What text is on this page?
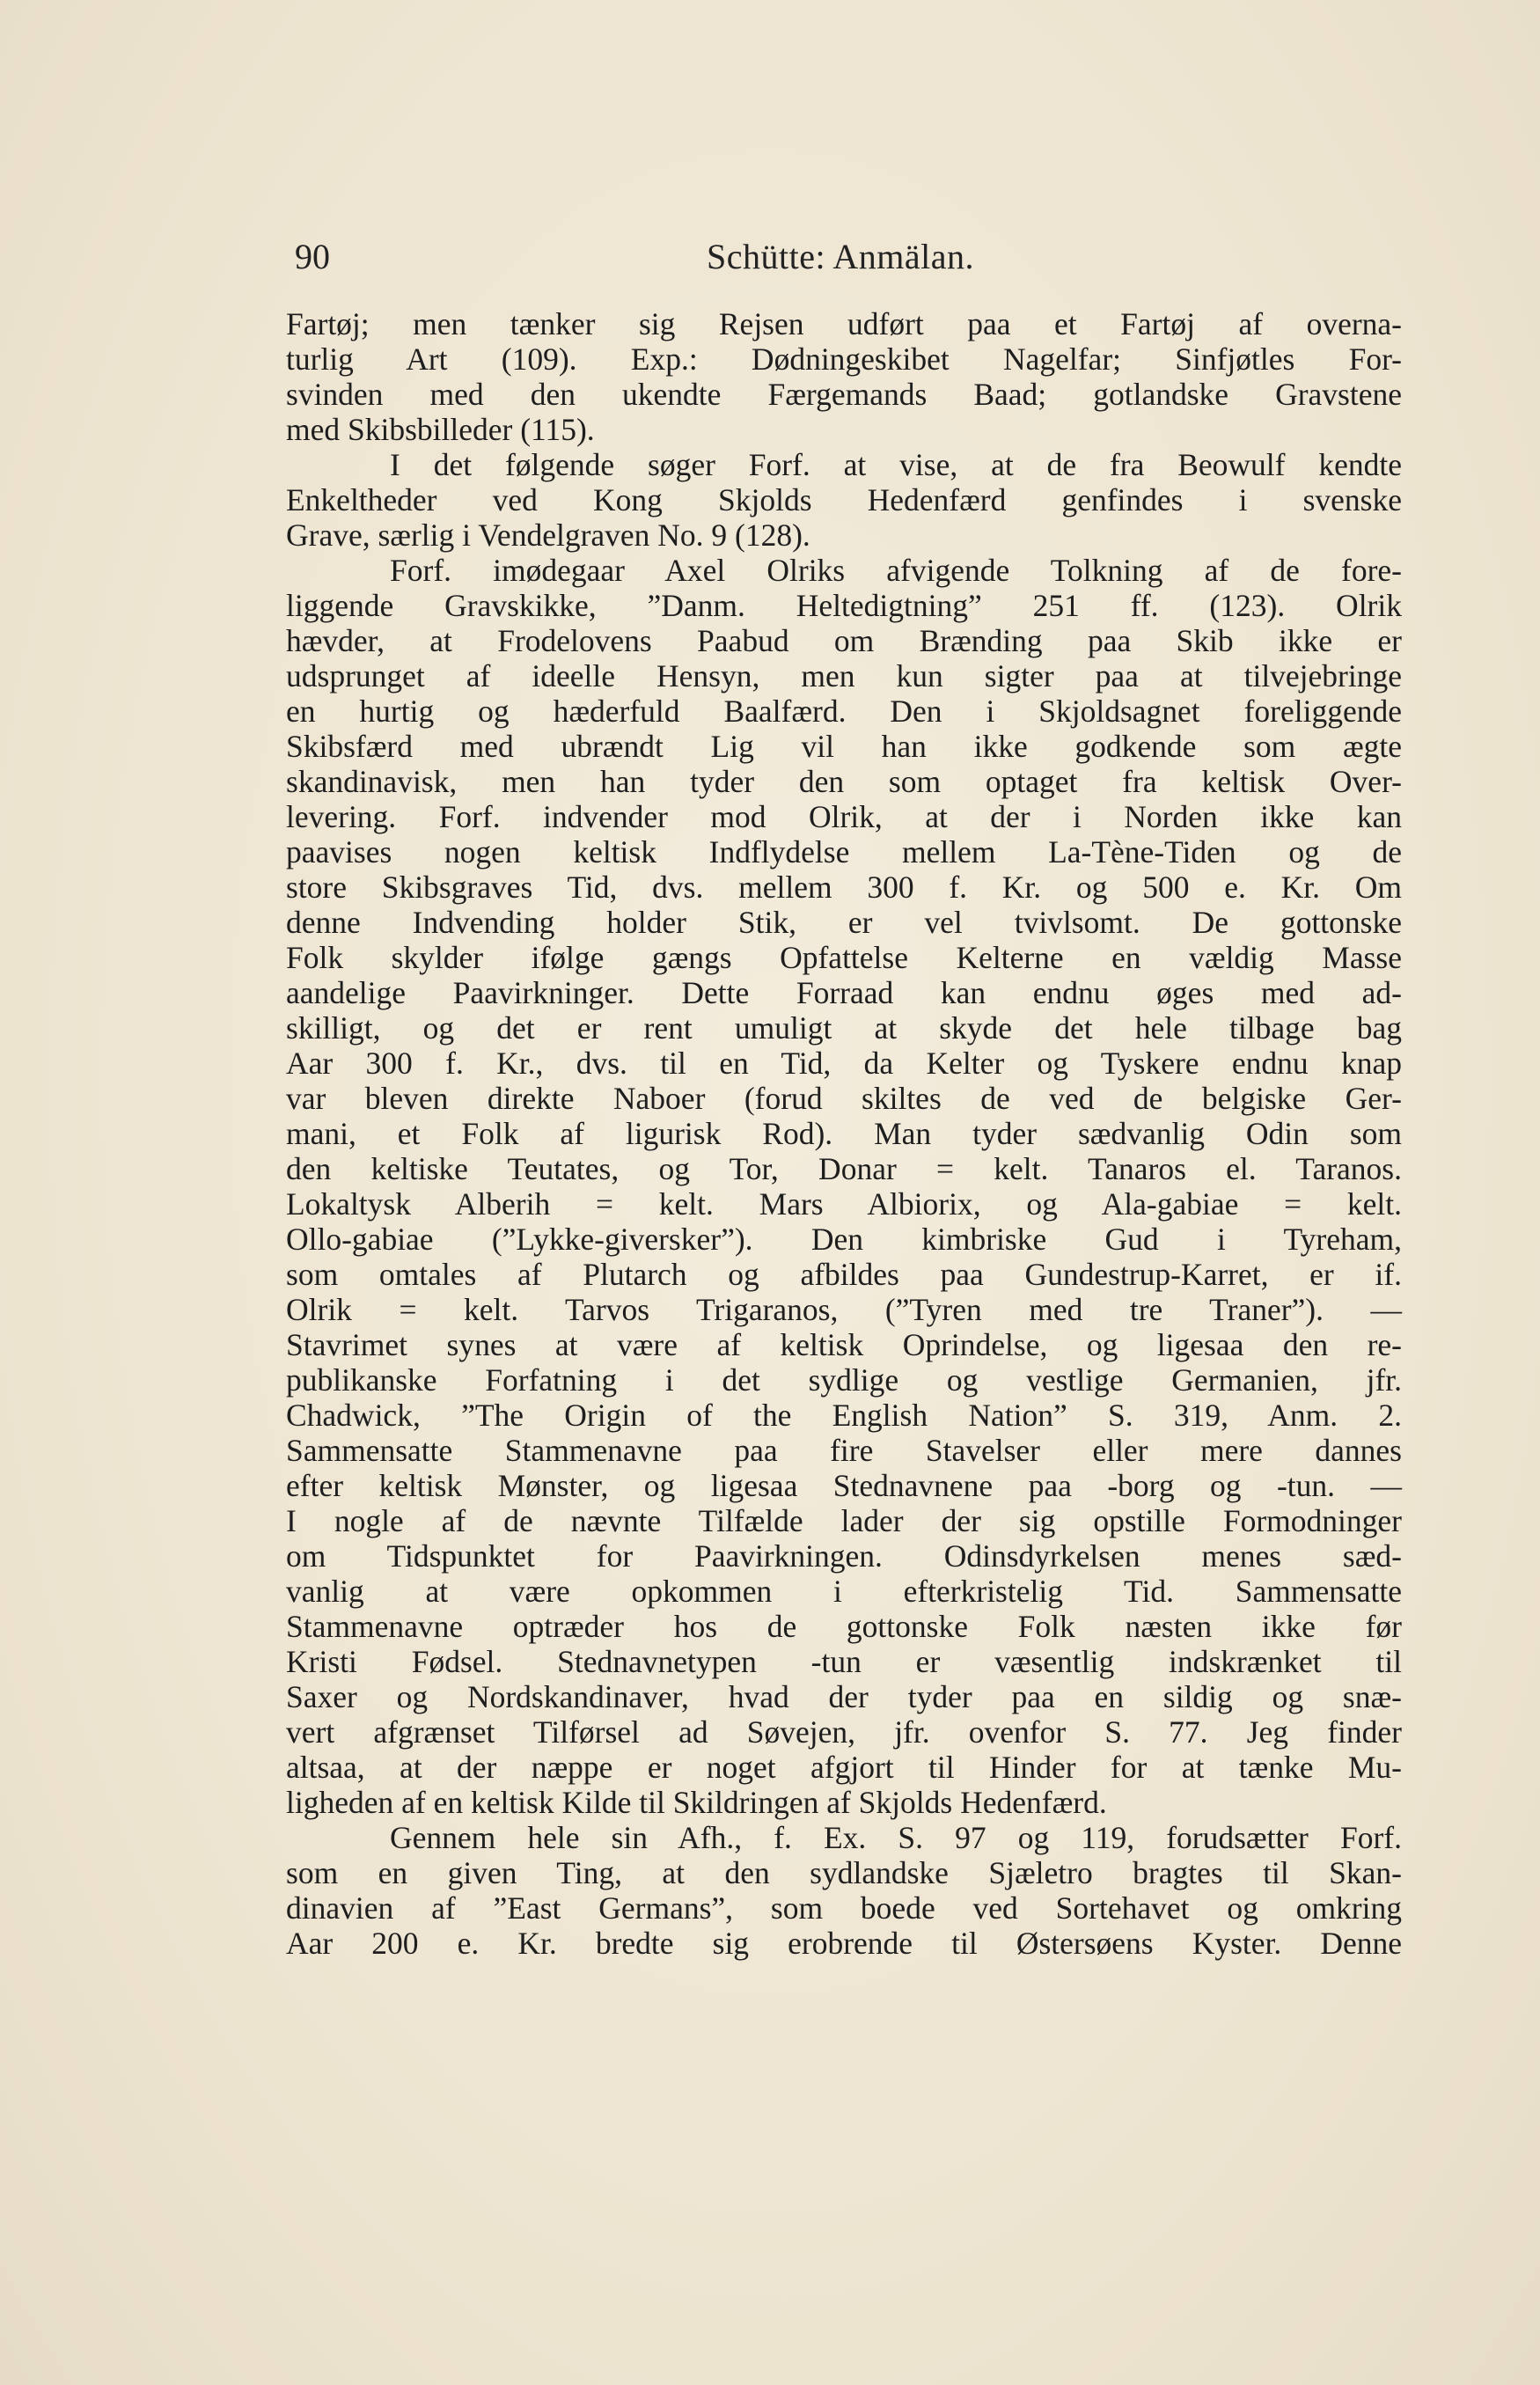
90	Schütte: Anmälan.
Fartøj; men tænker sig Rejsen udført paa et Fartøj af overna-
turlig Art (109). Exp.: Dødningeskibet Nagelfar; Sinfjøtles For-
svinden med den ukendte Færgemands Baad; gotlandske Gravstene
med Skibsbilleder (115).
I det følgende søger Forf. at vise, at de fra Beowulf kendte
Enkeltheder ved Kong Skjolds Hedenfærd genfindes i svenske
Grave, særlig i Vendelgraven No. 9 (128).
Forf. imødegaar Axel Olriks afvigende Tolkning af de fore-
liggende Gravskikke, ”Danm. Heltedigtning” 251 ff. (123). Olrik
hævder, at Frodelovens Paabud om Brænding paa Skib ikke er
udsprunget af ideelle Hensyn, men kun sigter paa at tilvejebringe
en hurtig og hæderfuld Baalfærd. Den i Skjoldsagnet foreliggende
Skibsfærd med ubrændt Lig vil han ikke godkende som ægte
skandinavisk, men han tyder den som optaget fra keltisk Over-
levering. Forf. indvender mod Olrik, at der i Norden ikke kan
paavises nogen keltisk Indflydelse mellem La-Tène-Tiden og de
store Skibsgraves Tid, dvs. mellem 300 f. Kr. og 500 e. Kr. Om
denne Indvending holder Stik, er vel tvivlsomt. De gottonske
Folk skylder ifølge gængs Opfattelse Kelterne en vældig Masse
aandelige Paavirkninger. Dette Forraad kan endnu øges med ad-
skilligt, og det er rent umuligt at skyde det hele tilbage bag
Aar 300 f. Kr., dvs. til en Tid, da Kelter og Tyskere endnu knap
var bleven direkte Naboer (forud skiltes de ved de belgiske Ger-
mani, et Folk af ligurisk Rod). Man tyder sædvanlig Odin som
den keltiske Teutates, og Tor, Donar = kelt. Tanaros el. Taranos.
Lokaltysk Alberih = kelt. Mars Albiorix, og Ala-gabiae = kelt.
Ollo-gabiae (”Lykke-giversker”). Den kimbriske Gud i Tyreham,
som omtales af Plutarch og afbildes paa Gundestrup-Karret, er if.
Olrik = kelt. Tarvos Trigaranos, (”Tyren med tre Traner”). —
Stavrimet synes at være af keltisk Oprindelse, og ligesaa den re-
publikanske Forfatning i det sydlige og vestlige Germanien, jfr.
Chadwick, ”The Origin of the English Nation” S. 319, Anm. 2.
Sammensatte Stammenavne paa fire Stavelser eller mere dannes
efter keltisk Mønster, og ligesaa Stednavnene paa -borg og -tun. —
I nogle af de nævnte Tilfælde lader der sig opstille Formodninger
om Tidspunktet for Paavirkningen. Odinsdyrkelsen menes sæd-
vanlig at være opkommen i efterkristelig Tid. Sammensatte
Stammenavne optræder hos de gottonske Folk næsten ikke før
Kristi Fødsel. Stednavnetypen -tun er væsentlig indskrænket til
Saxer og Nordskandinaver, hvad der tyder paa en sildig og snæ-
vert afgrænset Tilførsel ad Søvejen, jfr. ovenfor S. 77. Jeg finder
altsaa, at der næppe er noget afgjort til Hinder for at tænke Mu-
ligheden af en keltisk Kilde til Skildringen af Skjolds Hedenfærd.
Gennem hele sin Afh., f. Ex. S. 97 og 119, forudsætter Forf.
som en given Ting, at den sydlandske Sjæletro bragtes til Skan-
dinavien af ”East Germans”, som boede ved Sortehavet og omkring
Aar 200 e. Kr. bredte sig erobrende til Østersøens Kyster. Denne
